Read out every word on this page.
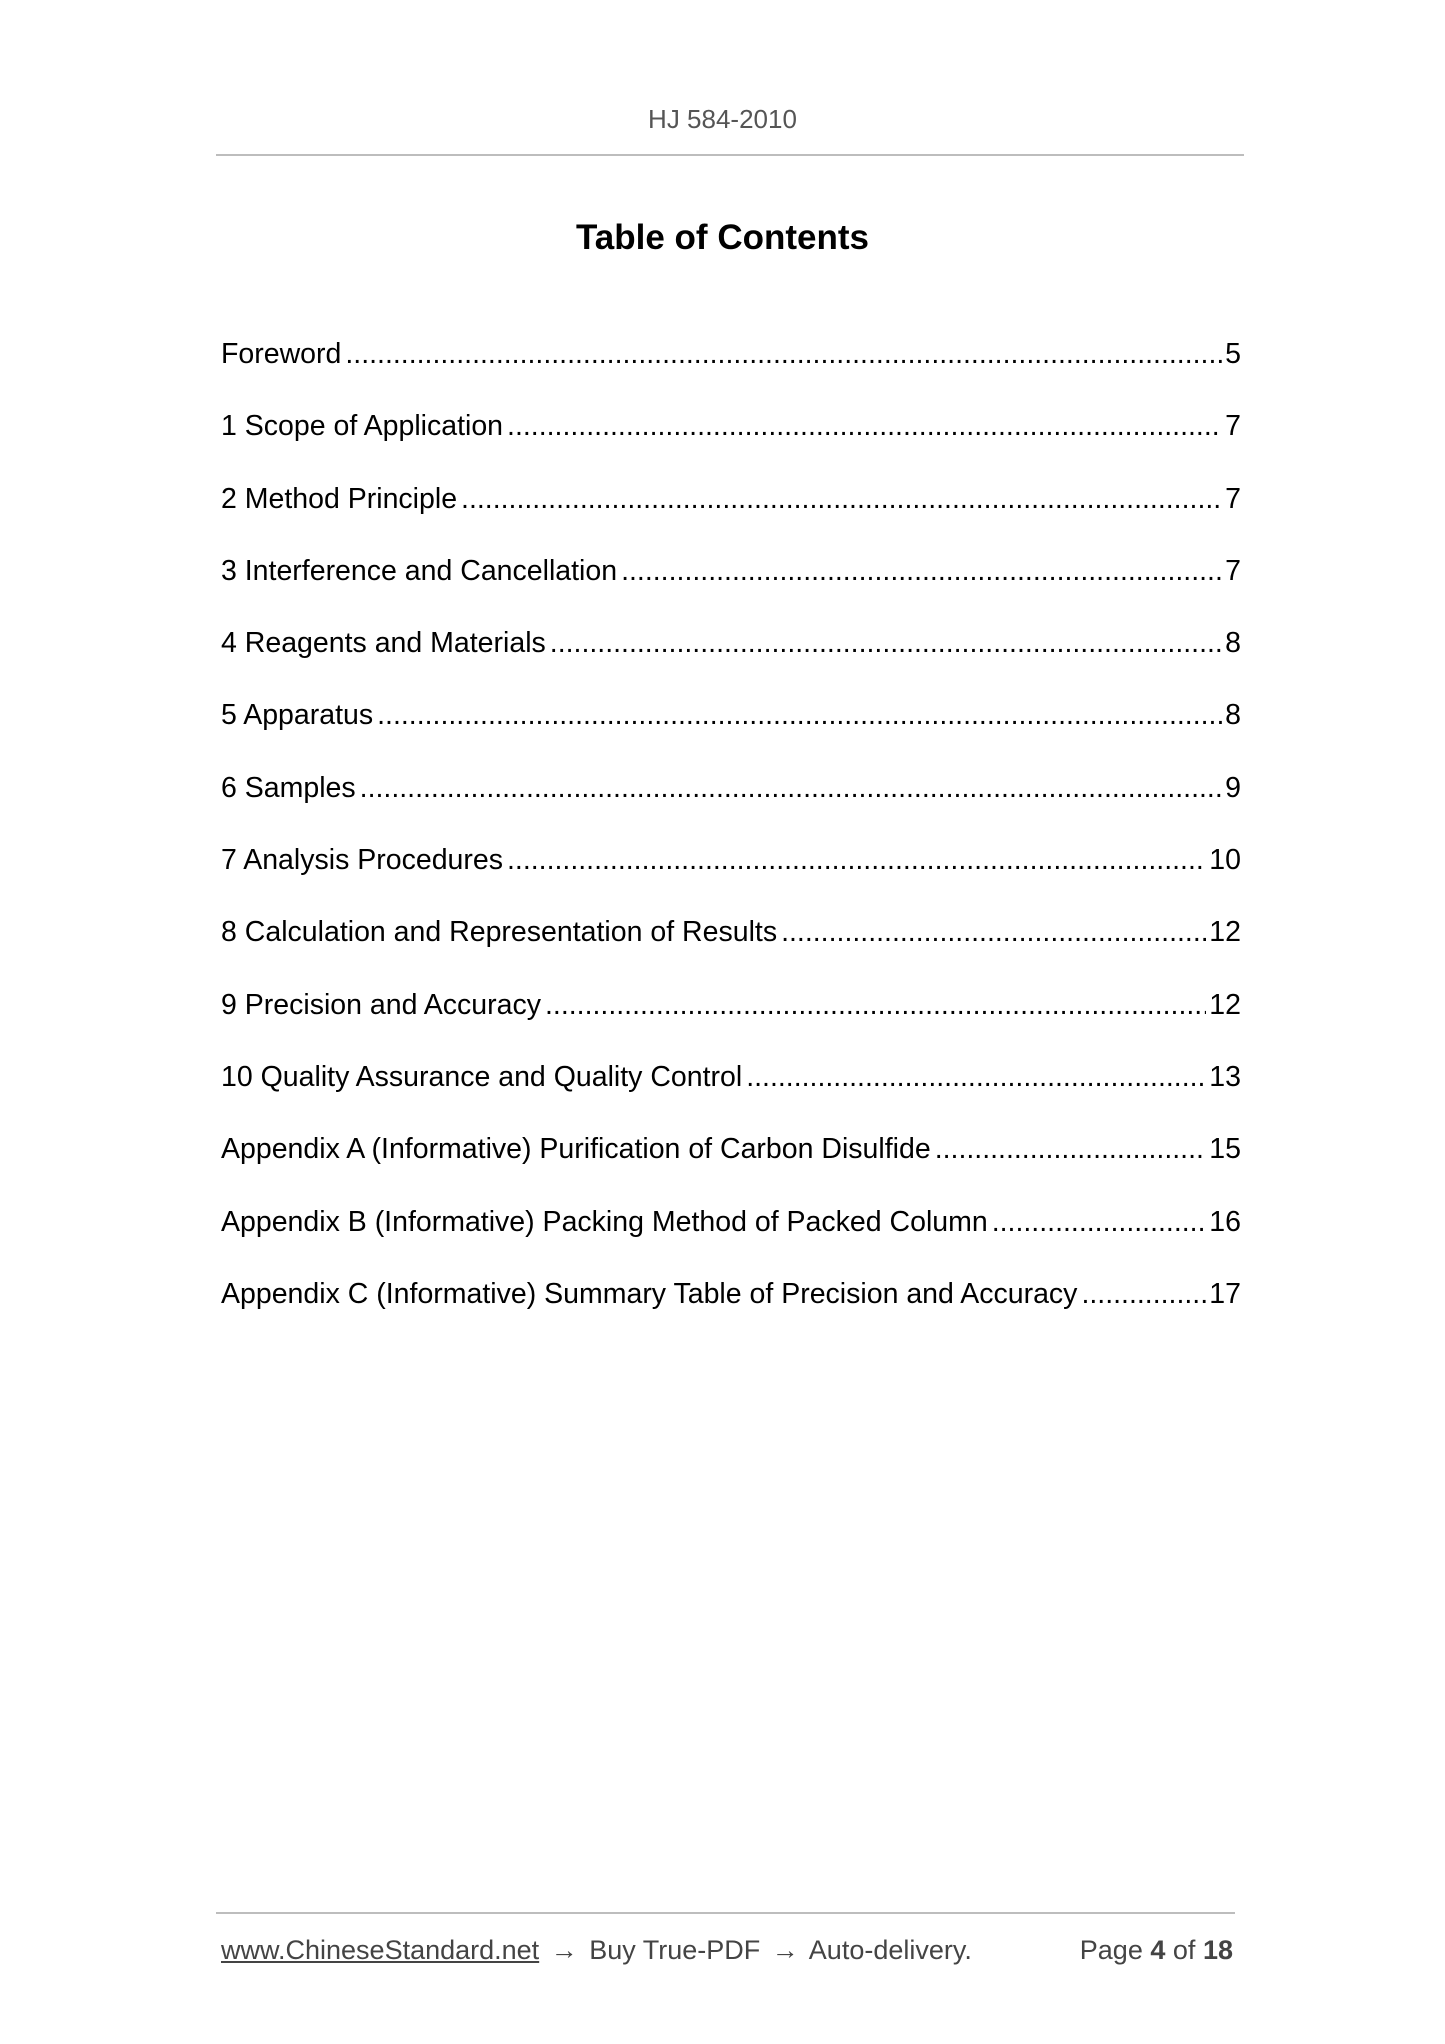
HJ 584-2010
Table of Contents
Foreword .....	5
1 Scope of Application .....	7
2 Method Principle .....	7
3 Interference and Cancellation .....	7
4 Reagents and Materials .....	8
5 Apparatus .....	8
6 Samples .....	9
7 Analysis Procedures .....	10
8 Calculation and Representation of Results .....	12
9 Precision and Accuracy .....	12
10 Quality Assurance and Quality Control .....	13
Appendix A (Informative) Purification of Carbon Disulfide .....	15
Appendix B (Informative) Packing Method of Packed Column .....	16
Appendix C (Informative) Summary Table of Precision and Accuracy .....	17
www.ChineseStandard.net → Buy True-PDF → Auto-delivery.	Page 4 of 18
